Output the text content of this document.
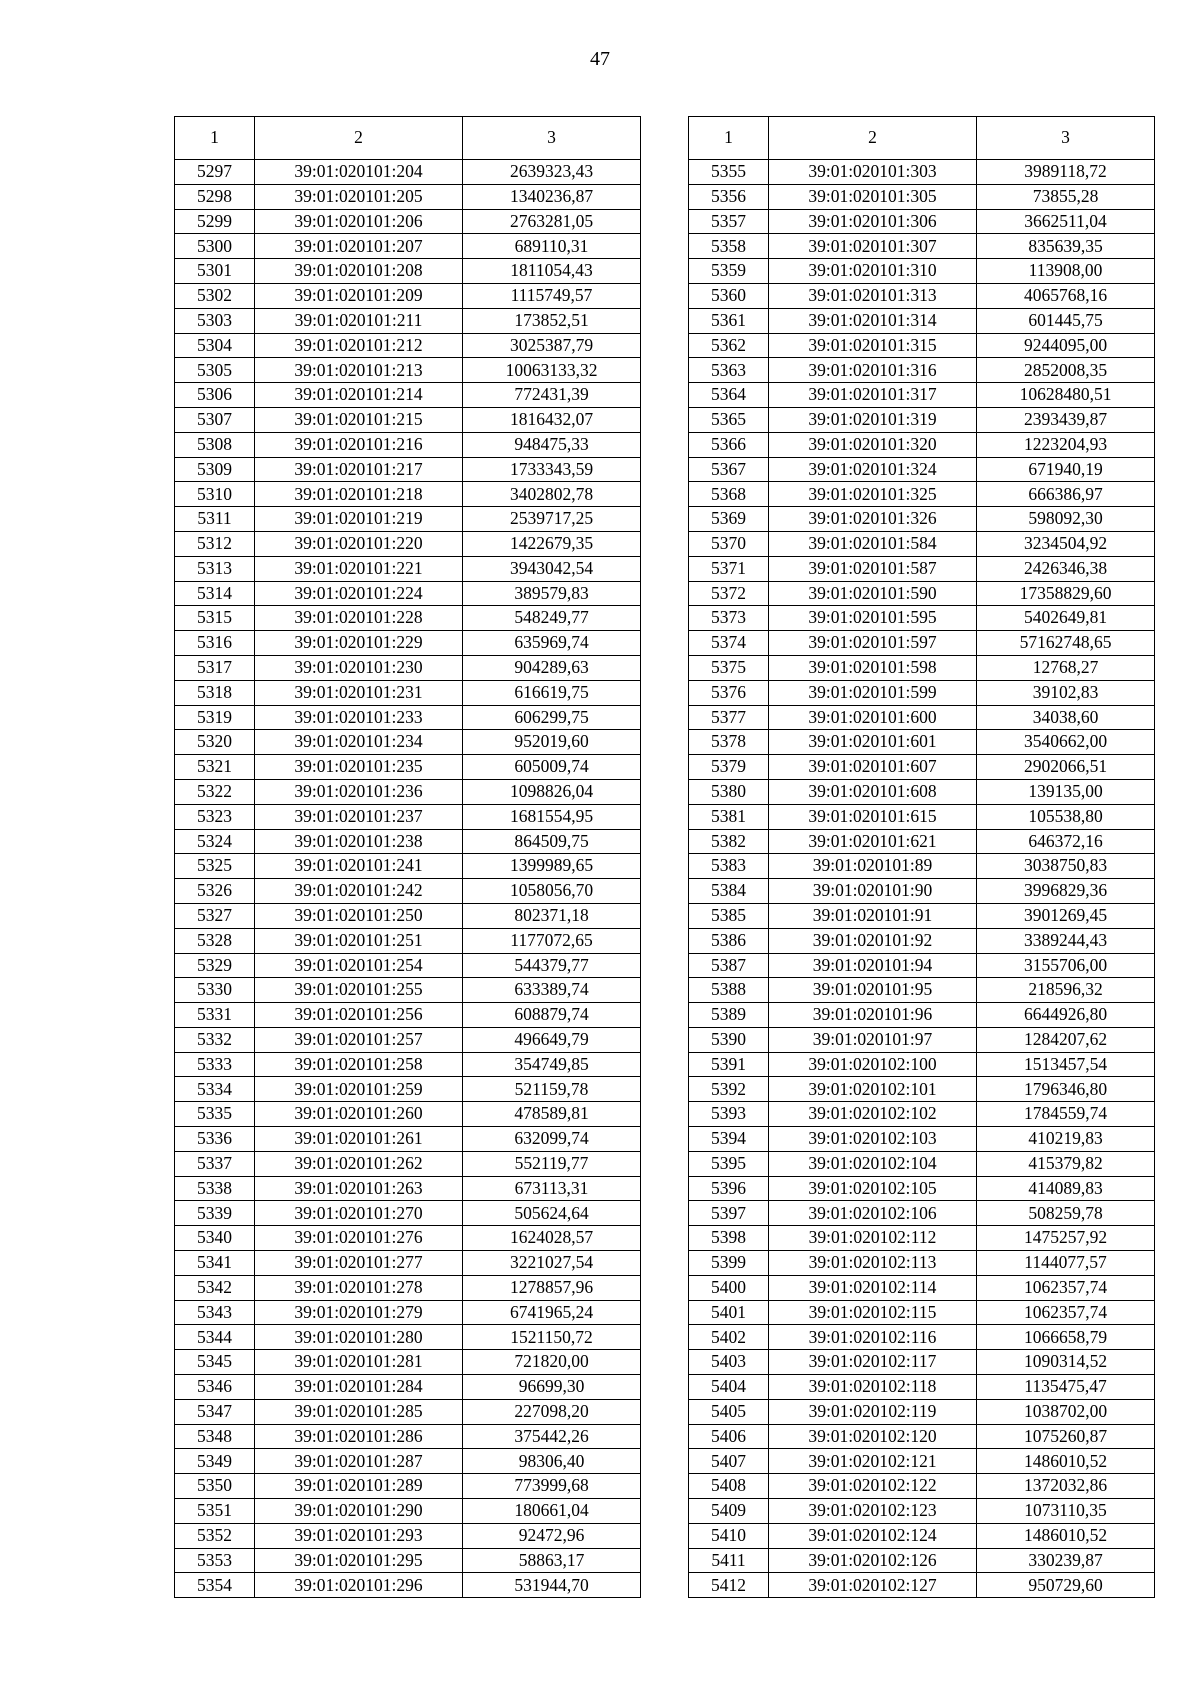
47
1	2	3
5297	39:01:020101:204	2639323,43
5298	39:01:020101:205	1340236,87
5299	39:01:020101:206	2763281,05
5300	39:01:020101:207	689110,31
5301	39:01:020101:208	1811054,43
5302	39:01:020101:209	1115749,57
5303	39:01:020101:211	173852,51
5304	39:01:020101:212	3025387,79
5305	39:01:020101:213	10063133,32
5306	39:01:020101:214	772431,39
5307	39:01:020101:215	1816432,07
5308	39:01:020101:216	948475,33
5309	39:01:020101:217	1733343,59
5310	39:01:020101:218	3402802,78
5311	39:01:020101:219	2539717,25
5312	39:01:020101:220	1422679,35
5313	39:01:020101:221	3943042,54
5314	39:01:020101:224	389579,83
5315	39:01:020101:228	548249,77
5316	39:01:020101:229	635969,74
5317	39:01:020101:230	904289,63
5318	39:01:020101:231	616619,75
5319	39:01:020101:233	606299,75
5320	39:01:020101:234	952019,60
5321	39:01:020101:235	605009,74
5322	39:01:020101:236	1098826,04
5323	39:01:020101:237	1681554,95
5324	39:01:020101:238	864509,75
5325	39:01:020101:241	1399989,65
5326	39:01:020101:242	1058056,70
5327	39:01:020101:250	802371,18
5328	39:01:020101:251	1177072,65
5329	39:01:020101:254	544379,77
5330	39:01:020101:255	633389,74
5331	39:01:020101:256	608879,74
5332	39:01:020101:257	496649,79
5333	39:01:020101:258	354749,85
5334	39:01:020101:259	521159,78
5335	39:01:020101:260	478589,81
5336	39:01:020101:261	632099,74
5337	39:01:020101:262	552119,77
5338	39:01:020101:263	673113,31
5339	39:01:020101:270	505624,64
5340	39:01:020101:276	1624028,57
5341	39:01:020101:277	3221027,54
5342	39:01:020101:278	1278857,96
5343	39:01:020101:279	6741965,24
5344	39:01:020101:280	1521150,72
5345	39:01:020101:281	721820,00
5346	39:01:020101:284	96699,30
5347	39:01:020101:285	227098,20
5348	39:01:020101:286	375442,26
5349	39:01:020101:287	98306,40
5350	39:01:020101:289	773999,68
5351	39:01:020101:290	180661,04
5352	39:01:020101:293	92472,96
5353	39:01:020101:295	58863,17
5354	39:01:020101:296	531944,70
1	2	3
5355	39:01:020101:303	3989118,72
5356	39:01:020101:305	73855,28
5357	39:01:020101:306	3662511,04
5358	39:01:020101:307	835639,35
5359	39:01:020101:310	113908,00
5360	39:01:020101:313	4065768,16
5361	39:01:020101:314	601445,75
5362	39:01:020101:315	9244095,00
5363	39:01:020101:316	2852008,35
5364	39:01:020101:317	10628480,51
5365	39:01:020101:319	2393439,87
5366	39:01:020101:320	1223204,93
5367	39:01:020101:324	671940,19
5368	39:01:020101:325	666386,97
5369	39:01:020101:326	598092,30
5370	39:01:020101:584	3234504,92
5371	39:01:020101:587	2426346,38
5372	39:01:020101:590	17358829,60
5373	39:01:020101:595	5402649,81
5374	39:01:020101:597	57162748,65
5375	39:01:020101:598	12768,27
5376	39:01:020101:599	39102,83
5377	39:01:020101:600	34038,60
5378	39:01:020101:601	3540662,00
5379	39:01:020101:607	2902066,51
5380	39:01:020101:608	139135,00
5381	39:01:020101:615	105538,80
5382	39:01:020101:621	646372,16
5383	39:01:020101:89	3038750,83
5384	39:01:020101:90	3996829,36
5385	39:01:020101:91	3901269,45
5386	39:01:020101:92	3389244,43
5387	39:01:020101:94	3155706,00
5388	39:01:020101:95	218596,32
5389	39:01:020101:96	6644926,80
5390	39:01:020101:97	1284207,62
5391	39:01:020102:100	1513457,54
5392	39:01:020102:101	1796346,80
5393	39:01:020102:102	1784559,74
5394	39:01:020102:103	410219,83
5395	39:01:020102:104	415379,82
5396	39:01:020102:105	414089,83
5397	39:01:020102:106	508259,78
5398	39:01:020102:112	1475257,92
5399	39:01:020102:113	1144077,57
5400	39:01:020102:114	1062357,74
5401	39:01:020102:115	1062357,74
5402	39:01:020102:116	1066658,79
5403	39:01:020102:117	1090314,52
5404	39:01:020102:118	1135475,47
5405	39:01:020102:119	1038702,00
5406	39:01:020102:120	1075260,87
5407	39:01:020102:121	1486010,52
5408	39:01:020102:122	1372032,86
5409	39:01:020102:123	1073110,35
5410	39:01:020102:124	1486010,52
5411	39:01:020102:126	330239,87
5412	39:01:020102:127	950729,60
